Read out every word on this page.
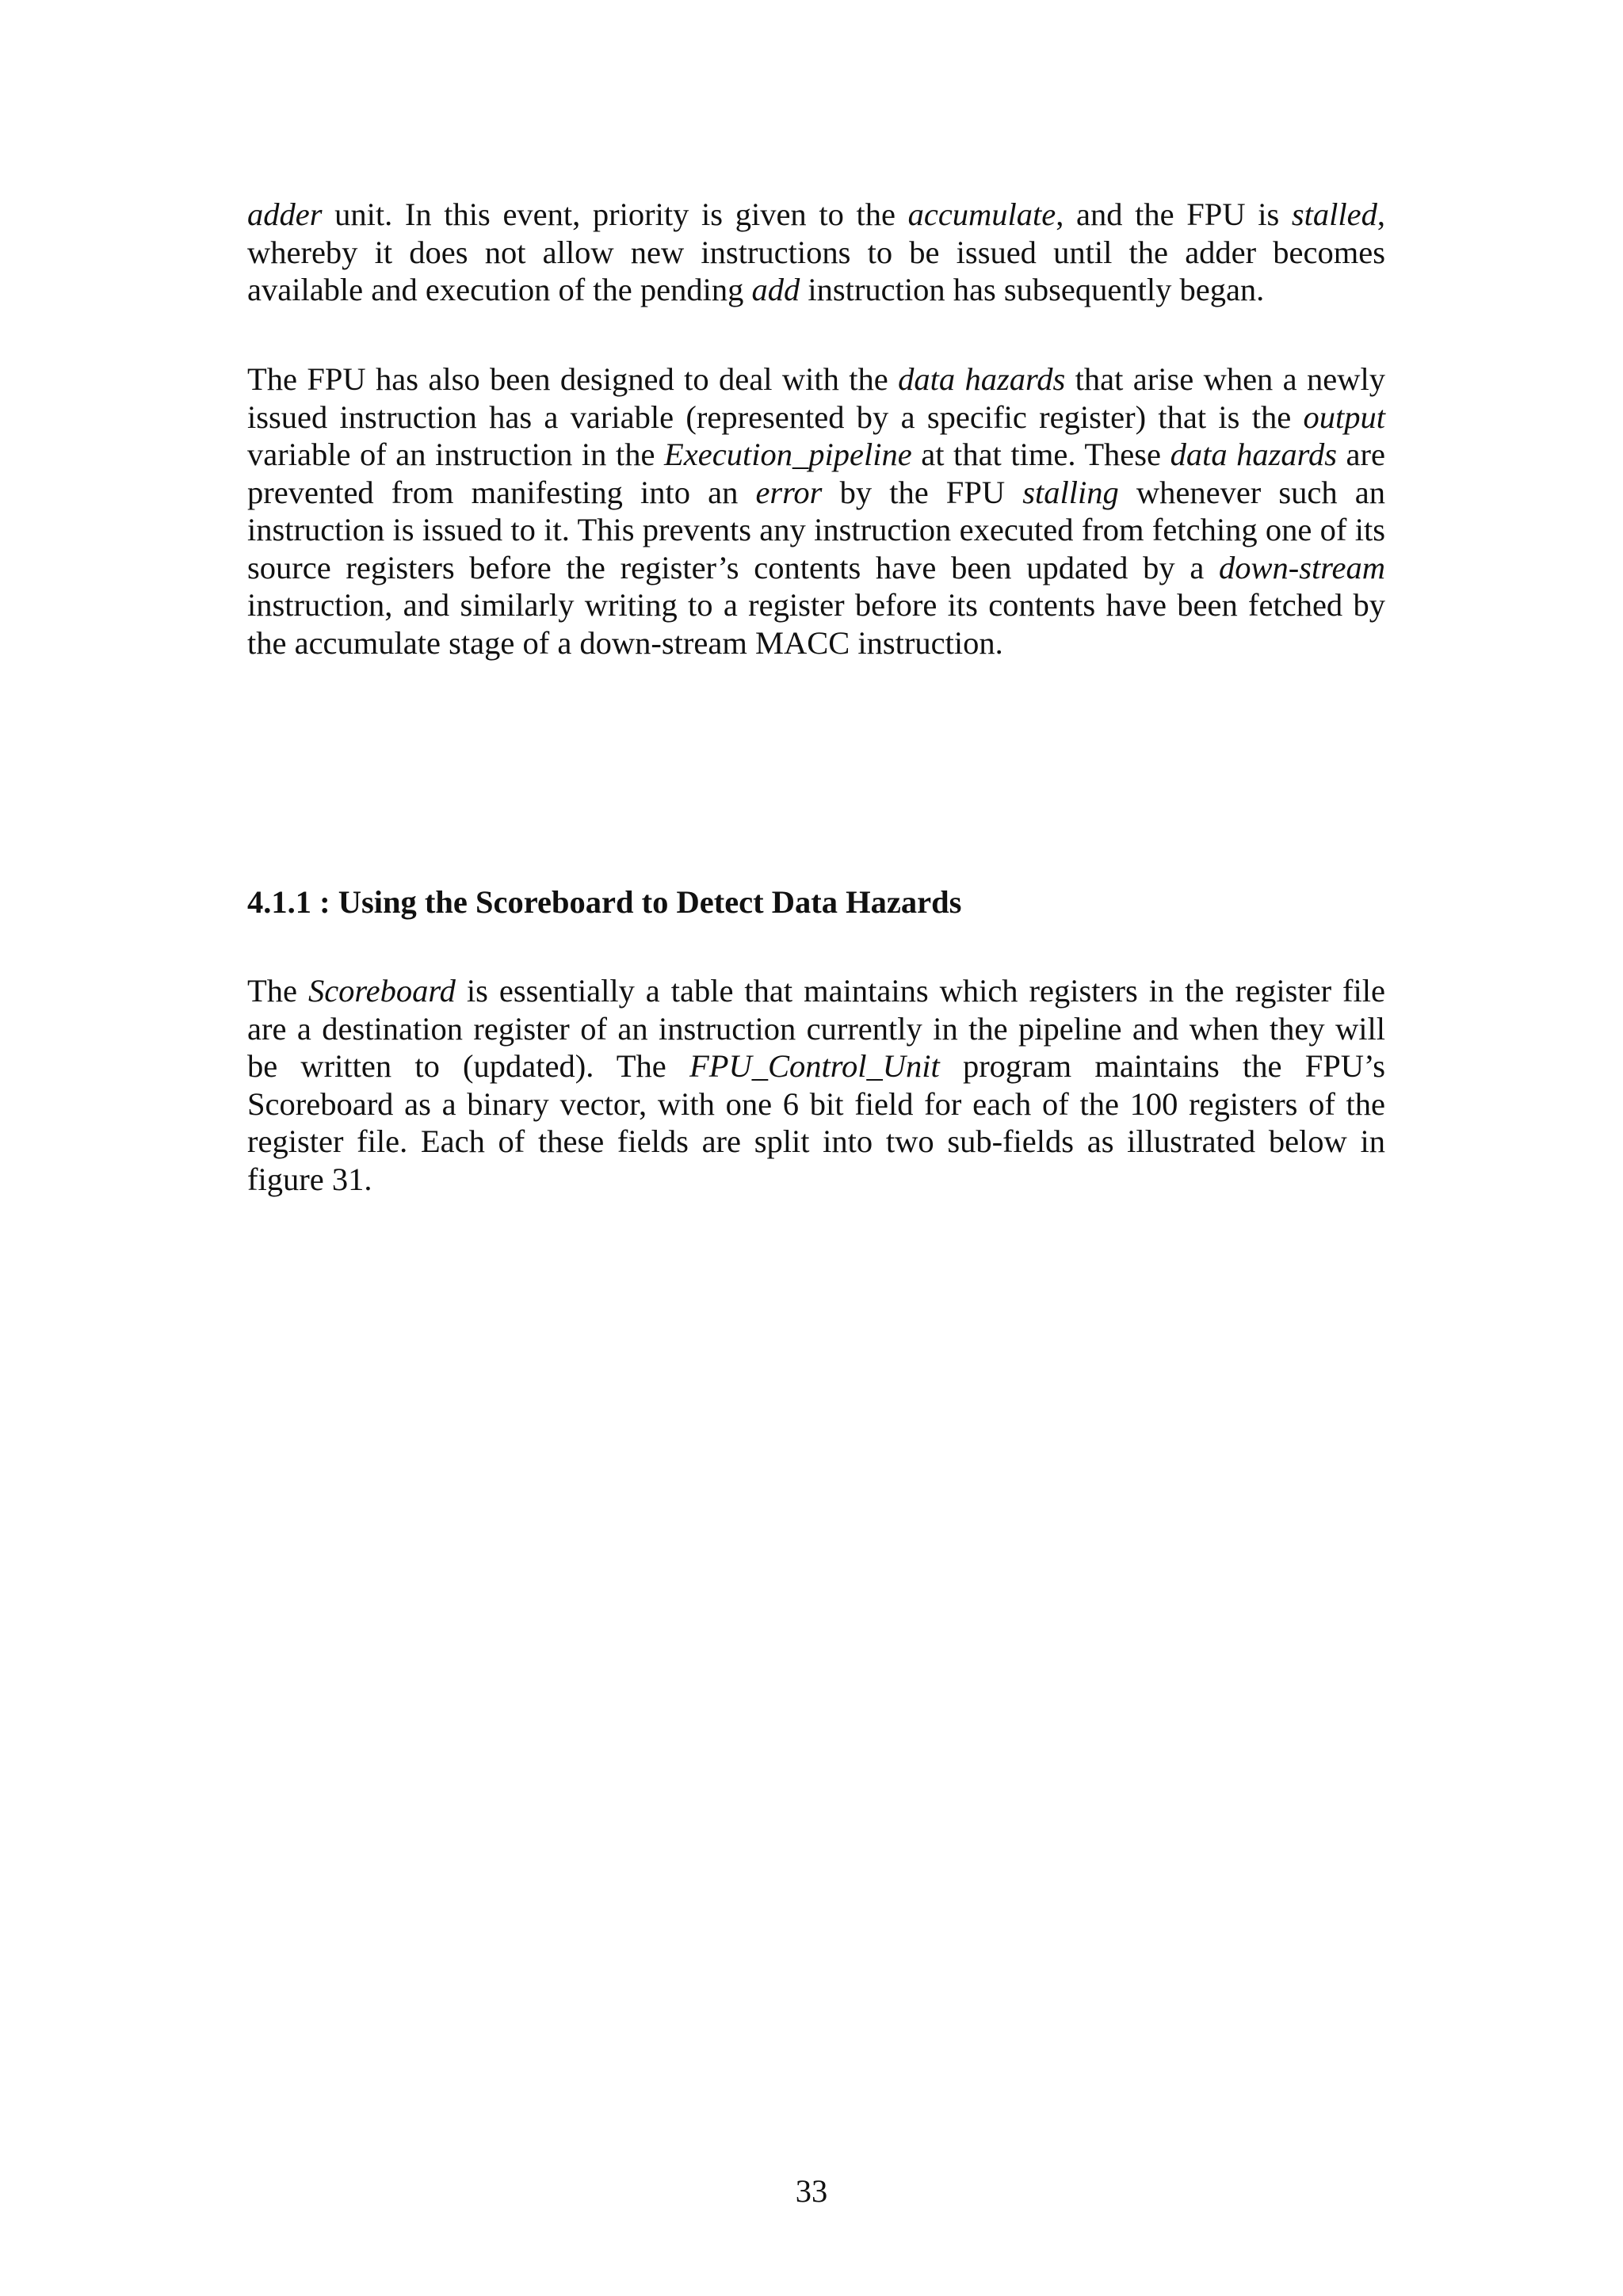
adder unit. In this event, priority is given to the accumulate, and the FPU is stalled, whereby it does not allow new instructions to be issued until the adder becomes available and execution of the pending add instruction has subsequently began.

The FPU has also been designed to deal with the data hazards that arise when a newly issued instruction has a variable (represented by a specific register) that is the output variable of an instruction in the Execution_pipeline at that time. These data hazards are prevented from manifesting into an error by the FPU stalling whenever such an instruction is issued to it. This prevents any instruction executed from fetching one of its source registers before the register’s contents have been updated by a down-stream instruction, and similarly writing to a register before its contents have been fetched by the accumulate stage of a down-stream MACC instruction.

4.1.1 : Using the Scoreboard to Detect Data Hazards

The Scoreboard is essentially a table that maintains which registers in the register file are a destination register of an instruction currently in the pipeline and when they will be written to (updated). The FPU_Control_Unit program maintains the FPU’s Scoreboard as a binary vector, with one 6 bit field for each of the 100 registers of the register file. Each of these fields are split into two sub-fields as illustrated below in figure 31.

33
